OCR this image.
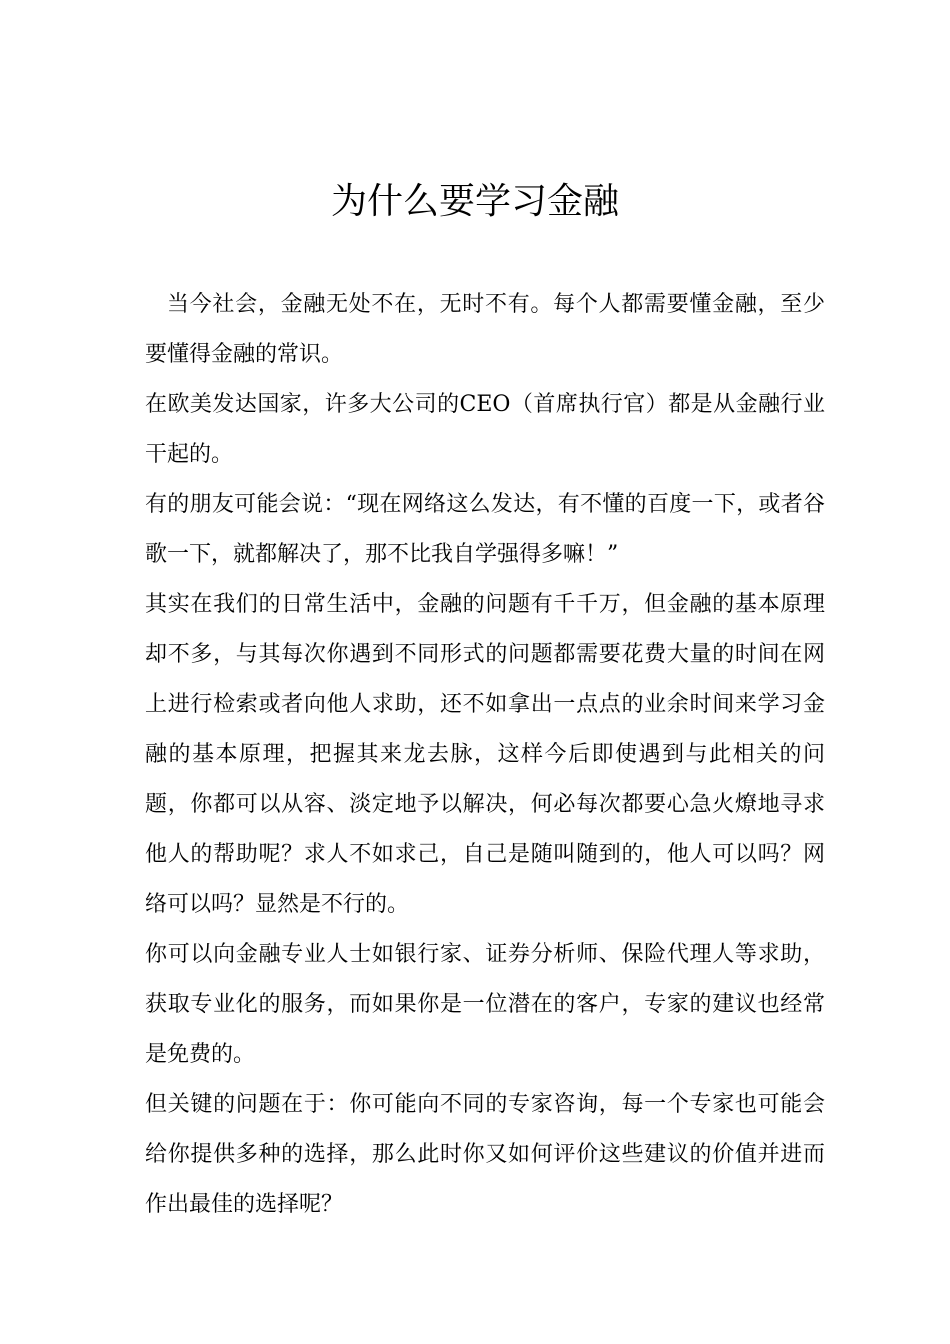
为什么要学习金融

当今社会，金融无处不在，无时不有。每个人都需要懂金融，至少要懂得金融的常识。

在欧美发达国家，许多大公司的CEO（首席执行官）都是从金融行业干起的。

有的朋友可能会说：“现在网络这么发达，有不懂的百度一下，或者谷歌一下，就都解决了，那不比我自学强得多嘛！”

其实在我们的日常生活中，金融的问题有千千万，但金融的基本原理却不多，与其每次你遇到不同形式的问题都需要花费大量的时间在网上进行检索或者向他人求助，还不如拿出一点点的业余时间来学习金融的基本原理，把握其来龙去脉，这样今后即使遇到与此相关的问题，你都可以从容、淡定地予以解决，何必每次都要心急火燎地寻求他人的帮助呢？求人不如求己，自己是随叫随到的，他人可以吗？网络可以吗？显然是不行的。

你可以向金融专业人士如银行家、证券分析师、保险代理人等求助，获取专业化的服务，而如果你是一位潜在的客户，专家的建议也经常是免费的。

但关键的问题在于：你可能向不同的专家咨询，每一个专家也可能会给你提供多种的选择，那么此时你又如何评价这些建议的价值并进而作出最佳的选择呢？
